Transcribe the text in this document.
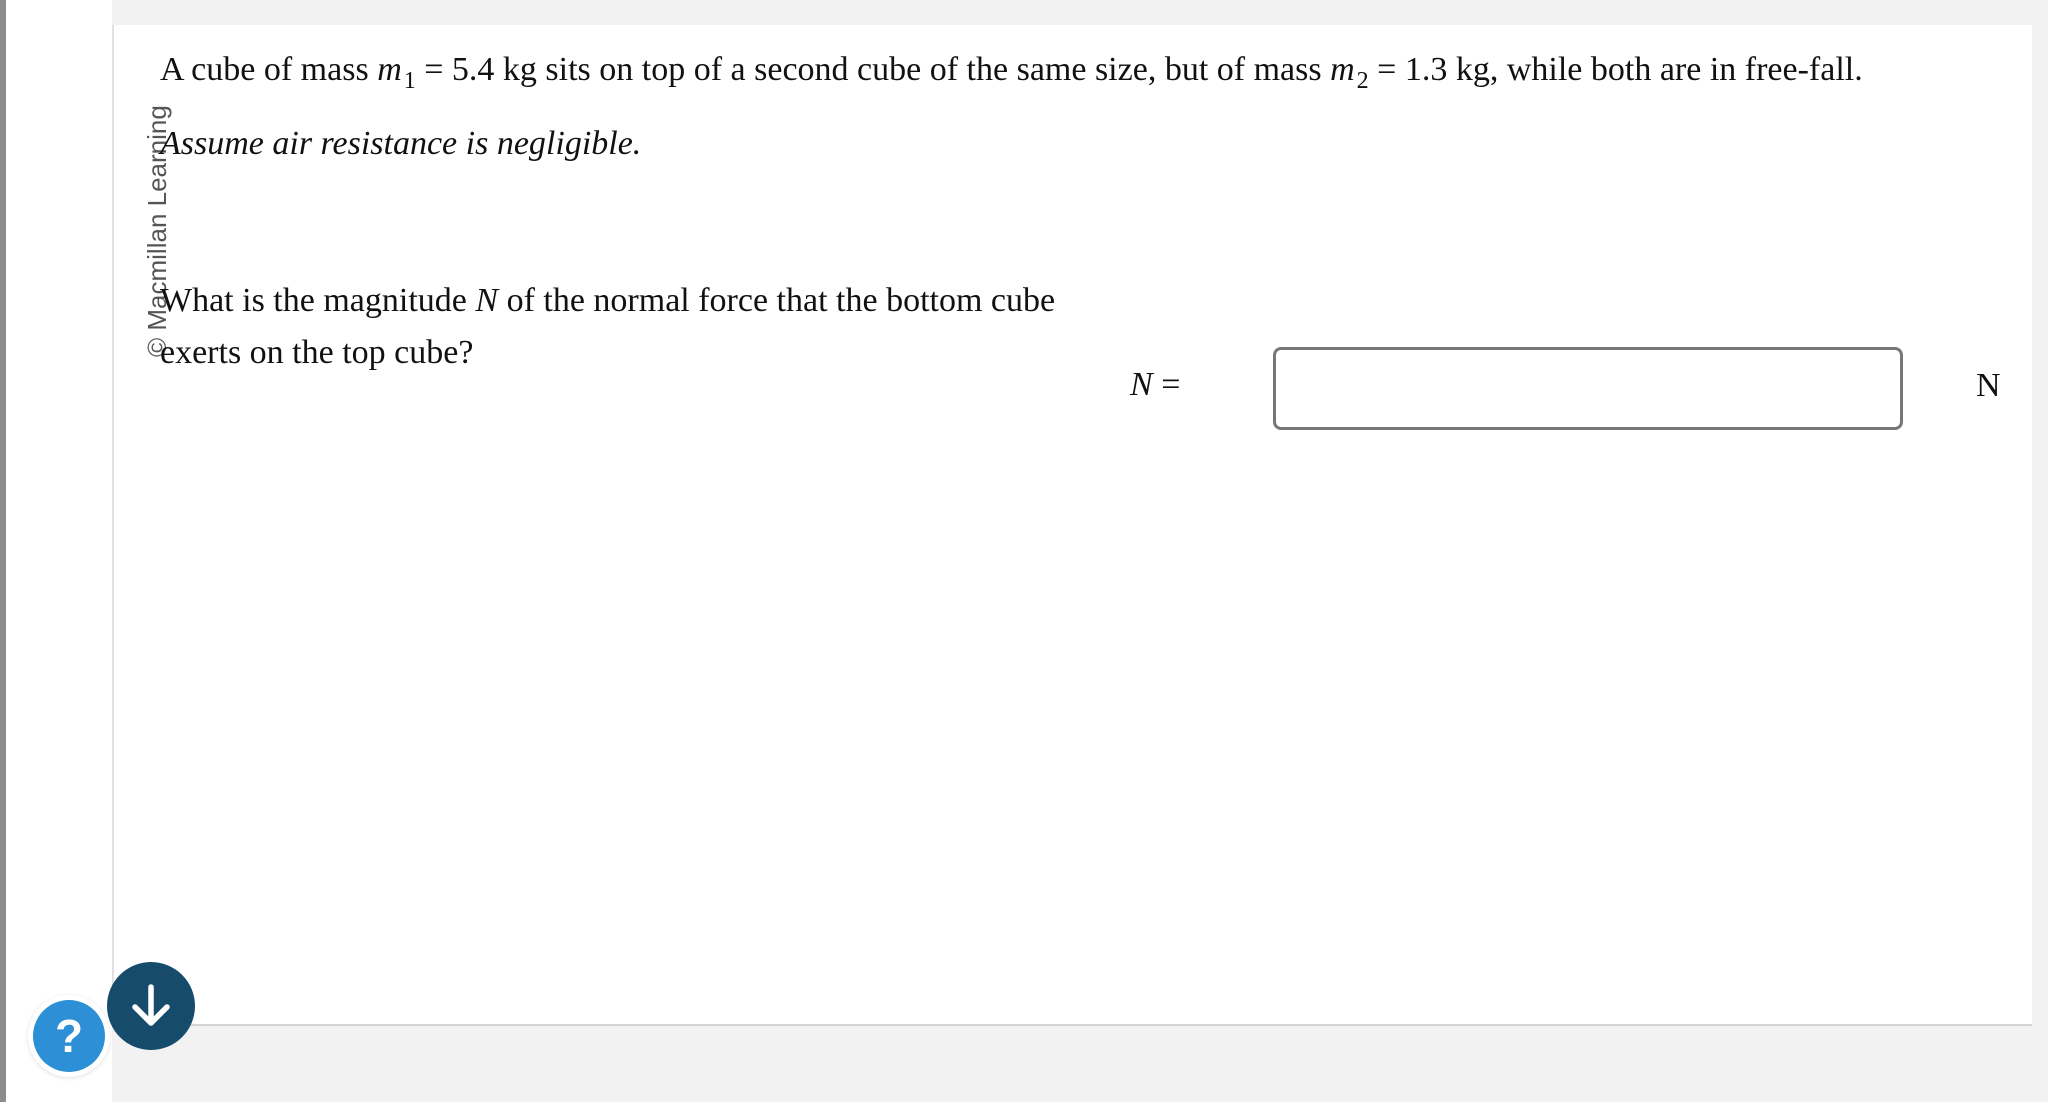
© Macmillan Learning
A cube of mass $m_1 = 5.4$ kg sits on top of a second cube of the same size, but of mass $m_2 = 1.3$ kg, while both are in free-fall.
Assume air resistance is negligible.
What is the magnitude N of the normal force that the bottom cube exerts on the top cube?
N =	N
?
